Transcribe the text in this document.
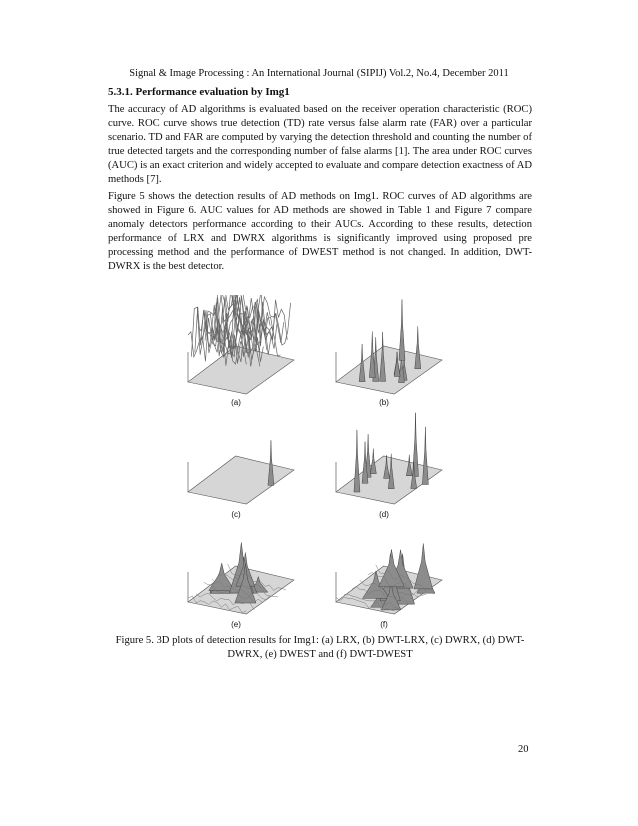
Signal & Image Processing : An International Journal (SIPIJ) Vol.2, No.4, December 2011
5.3.1. Performance evaluation by Img1

The accuracy of AD algorithms is evaluated based on the receiver operation characteristic (ROC) curve. ROC curve shows true detection (TD) rate versus false alarm rate (FAR) over a particular scenario. TD and FAR are computed by varying the detection threshold and counting the number of true detected targets and the corresponding number of false alarms [1]. The area under ROC curves (AUC) is an exact criterion and widely accepted to evaluate and compare detection exactness of AD methods [7].

Figure 5 shows the detection results of AD methods on Img1. ROC curves of AD algorithms are showed in Figure 6. AUC values for AD methods are showed in Table 1 and Figure 7 compare anomaly detectors performance according to their AUCs. According to these results, detection performance of LRX and DWRX algorithms is significantly improved using proposed pre processing method and the performance of DWEST method is not changed. In addition, DWT-DWRX is the best detector.

(a)	(b)
(c)	(d)
(e)	(f)
Figure 5. 3D plots of detection results for Img1: (a) LRX, (b) DWT-LRX, (c) DWRX, (d) DWT-DWRX, (e) DWEST and (f) DWT-DWEST
20
